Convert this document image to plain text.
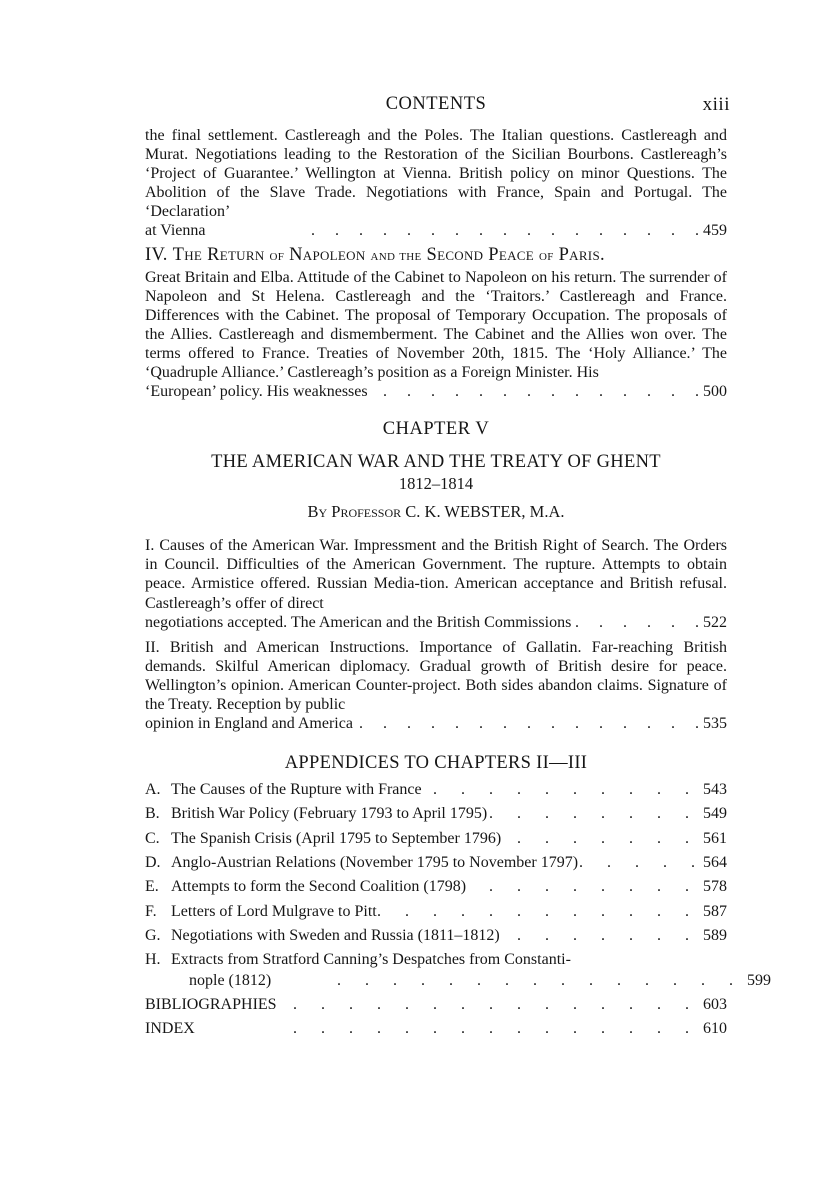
CONTENTS	xiii

the final settlement. Castlereagh and the Poles. The Italian questions. Castlereagh and Murat. Negotiations leading to the Restoration of the Sicilian Bourbons. Castlereagh’s ‘Project of Guarantee.’ Wellington at Vienna. British policy on minor Questions. The Abolition of the Slave Trade. Negotiations with France, Spain and Portugal. The ‘Declaration’

at Vienna .	459
IV. The Return of Napoleon and the Second Peace of Paris.

Great Britain and Elba. Attitude of the Cabinet to Napoleon on his return. The surrender of Napoleon and St Helena. Castlereagh and the ‘Traitors.’ Castlereagh and France. Differences with the Cabinet. The proposal of Temporary Occupation. The proposals of the Allies. Castlereagh and dismemberment. The Cabinet and the Allies won over. The terms offered to France. Treaties of November 20th, 1815. The ‘Holy Alliance.’ The ‘Quadruple Alliance.’ Castlereagh’s position as a Foreign Minister. His

‘European’ policy. His weaknesses .	500
CHAPTER V
THE AMERICAN WAR AND THE TREATY OF GHENT
1812–1814
By Professor C. K. WEBSTER, M.A.

I. Causes of the American War. Impressment and the British Right of Search. The Orders in Council. Difficulties of the American Government. The rupture. Attempts to obtain peace. Armistice offered. Russian Media-tion. American acceptance and British refusal. Castlereagh’s offer of direct

negotiations accepted. The American and the British Commissions .	522

II. British and American Instructions. Importance of Gallatin. Far-reaching British demands. Skilful American diplomacy. Gradual growth of British desire for peace. Wellington’s opinion. American Counter-project. Both sides abandon claims. Signature of the Treaty. Reception by public

opinion in England and America .	535
APPENDICES TO CHAPTERS II—III
A. The Causes of the Rupture with France .	543
B. British War Policy (February 1793 to April 1795) .	549
C. The Spanish Crisis (April 1795 to September 1796) .	561
D. Anglo-Austrian Relations (November 1795 to November 1797) .	564
E. Attempts to form the Second Coalition (1798) .	578
F. Letters of Lord Mulgrave to Pitt .	587
G. Negotiations with Sweden and Russia (1811–1812) .	589
H. Extracts from Stratford Canning’s Despatches from Constanti-
nople (1812) .	599
BIBLIOGRAPHIES .	603
INDEX .	610
